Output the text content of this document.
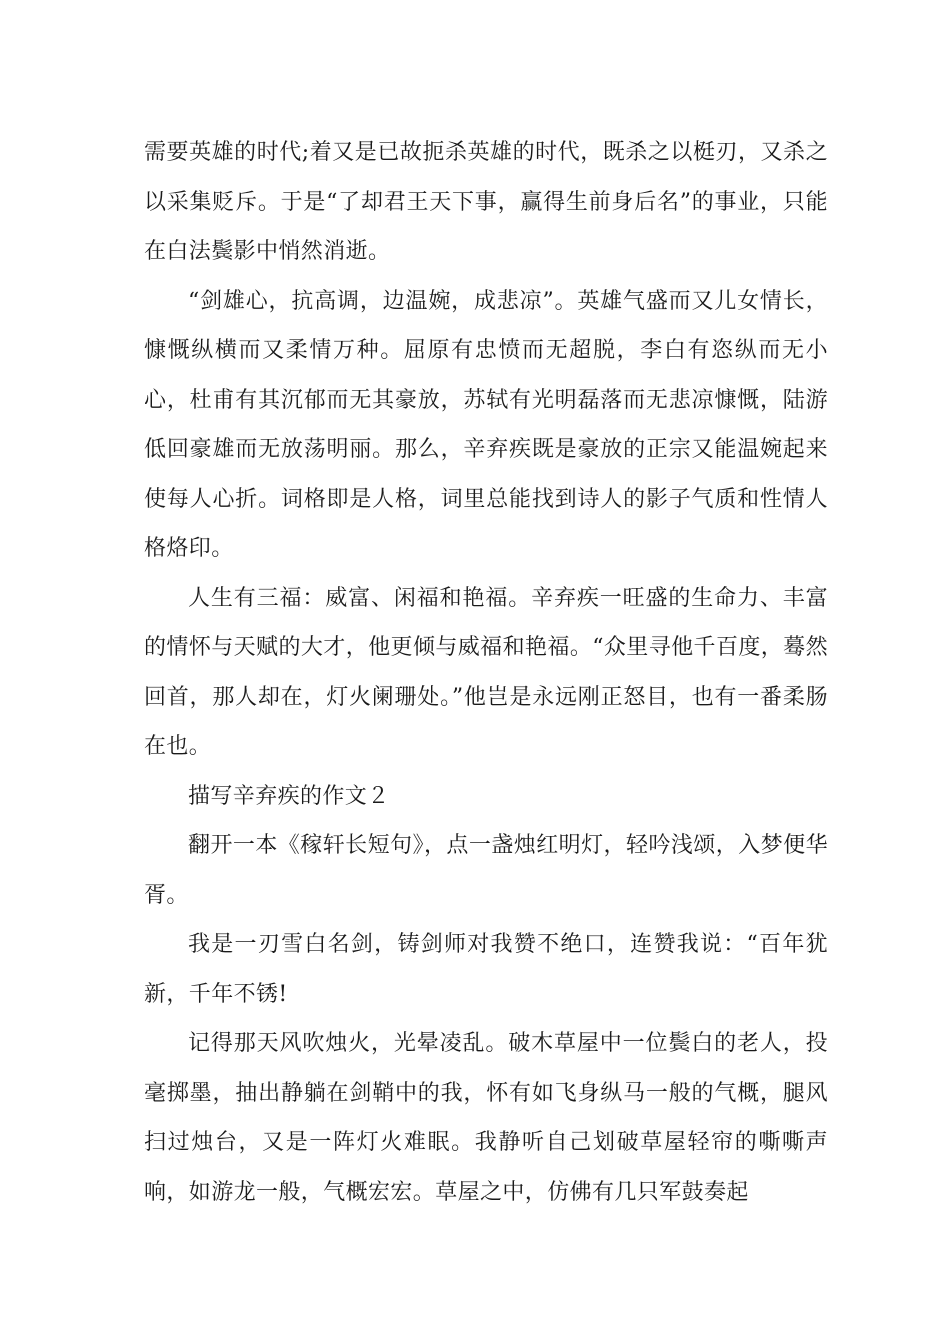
需要英雄的时代;着又是已故扼杀英雄的时代，既杀之以梃刃，又杀之以采集贬斥。于是“了却君王天下事，赢得生前身后名”的事业，只能在白法鬓影中悄然消逝。

“剑雄心，抗高调，边温婉，成悲凉”。英雄气盛而又儿女情长，慷慨纵横而又柔情万种。屈原有忠愤而无超脱，李白有恣纵而无小心，杜甫有其沉郁而无其豪放，苏轼有光明磊落而无悲凉慷慨，陆游低回豪雄而无放荡明丽。那么，辛弃疾既是豪放的正宗又能温婉起来使每人心折。词格即是人格，词里总能找到诗人的影子气质和性情人格烙印。

人生有三福：威富、闲福和艳福。辛弃疾一旺盛的生命力、丰富的情怀与天赋的大才，他更倾与威福和艳福。“众里寻他千百度，蓦然回首，那人却在，灯火阑珊处。”他岂是永远刚正怒目，也有一番柔肠在也。

描写辛弃疾的作文２

翻开一本《稼轩长短句》，点一盏烛红明灯，轻吟浅颂，入梦便华胥。

我是一刃雪白名剑，铸剑师对我赞不绝口，连赞我说：“百年犹新，千年不锈!

记得那天风吹烛火，光晕凌乱。破木草屋中一位鬓白的老人，投毫掷墨，抽出静躺在剑鞘中的我，怀有如飞身纵马一般的气概，腿风扫过烛台，又是一阵灯火难眠。我静听自己划破草屋轻帘的嘶嘶声响，如游龙一般，气概宏宏。草屋之中，仿佛有几只军鼓奏起
